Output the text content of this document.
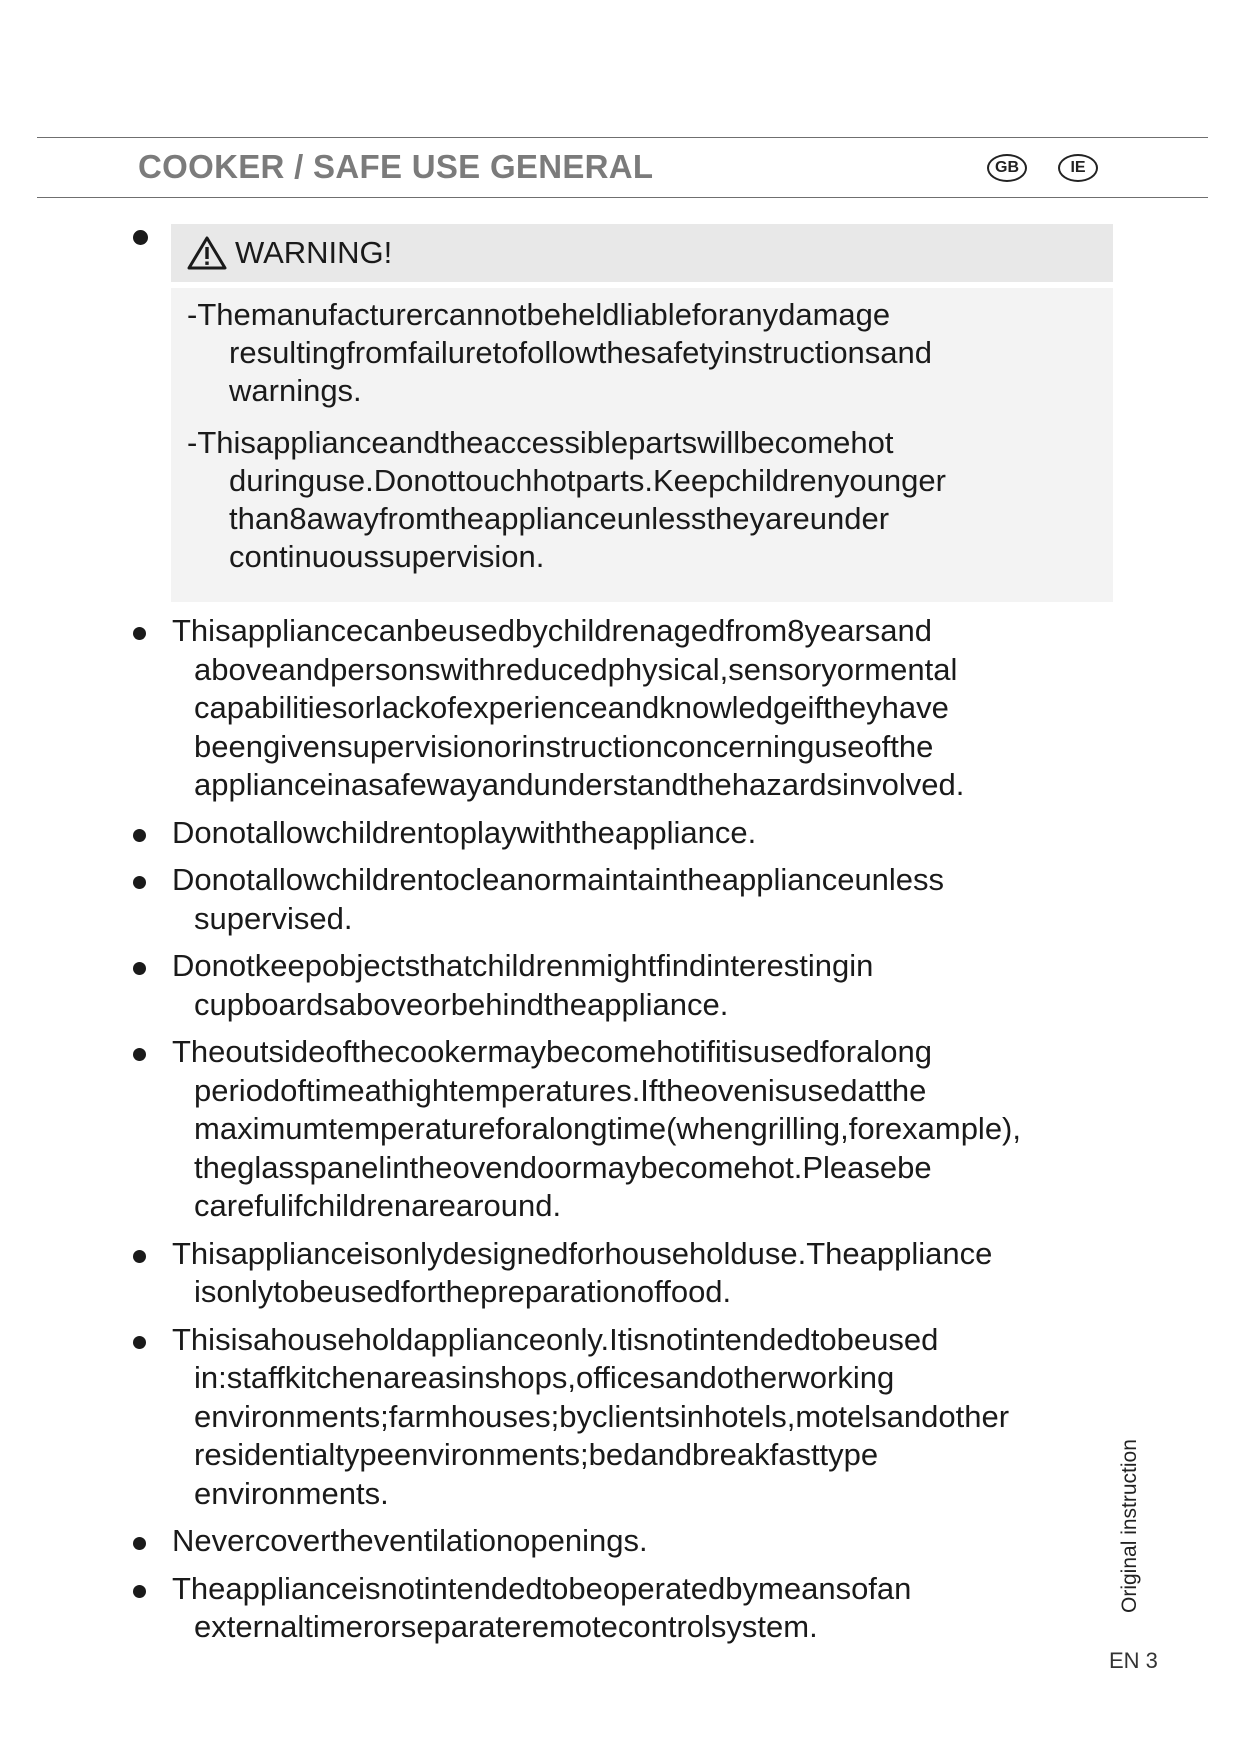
COOKER / SAFE USE GENERAL	GB	IE
WARNING!

-Themanufacturercannotbeheldliableforanydamage resultingfromfailuretofollowthesafetyinstructionsand warnings.

-Thisapplianceandtheaccessiblepartswillbecomehot duringuse.Donottouchhotparts.Keepchildrenyounger than8awayfromtheapplianceunlesstheyareunder continuoussupervision.

Thisappliancecanbeusedbychildrenagedfrom8yearsand aboveandpersonswithreducedphysical,sensoryormental capabilitiesorlackofexperienceandknowledgeiftheyhave beengivensupervisionorinstructionconcerninguseofthe applianceinasafewayandunderstandthehazardsinvolved.
Donotallowchildrentoplaywiththeappliance.
Donotallowchildrentocleanormaintaintheapplianceunless supervised.
Donotkeepobjectsthatchildrenmightfindinterestingin cupboardsaboveorbehindtheappliance.
Theoutsideofthecookermaybecomehotifitisusedforalong periodoftimeathightemperatures.Iftheovenisusedatthe maximumtemperatureforalongtime(whengrilling,forexample), theglasspanelintheovendoormaybecomehot.Pleasebe carefulifchildrenarearound.
Thisapplianceisonlydesignedforhouseholduse.Theappliance isonlytobeusedforthepreparationoffood.
Thisisahouseholdapplianceonly.Itisnotintendedtobeused in:staffkitchenareasinshops,officesandotherworking environments;farmhouses;byclientsinhotels,motelsandother residentialtypeenvironments;bedandbreakfasttype environments.
Nevercovertheventilationopenings.
Theapplianceisnotintendedtobeoperatedbymeansofan externaltimerorseparateremotecontrolsystem.
Original instruction
EN 3
